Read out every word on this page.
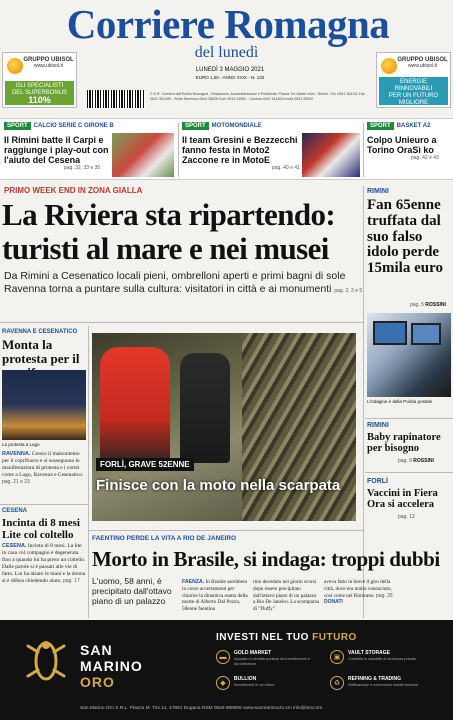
Corriere Romagna
del lunedì
GRUPPO UBISOL
www.ubisol.it
GLI SPECIALISTI
DEL SUPERBONUS
110%
GRUPPO UBISOL
www.ubisol.it
ENERGIE
RINNOVABILI
PER UN FUTURO MIGLIORE
LUNEDÌ 3 MAGGIO 2021
EURO 1,50 - ANNO XXIX - N. 120
C.E.R. Corriere dell'Emilia Romagna - Redazione, Amministrazione e Pubblicità: Piazza Tre Martiri 43/a - Rimini - Tel. 0541 354111 Fax 0541 351499 - Sede Ravenna 0544 35926 Forlì 0543 34550 - Cesena 0547 611400 Imola 0542 28292
SPORT CALCIO SERIE C GIRONE B
Il Rimini batte il Carpi e raggiunge i play-out con l'aiuto del Cesena
pag. 32, 33 e 35
SPORT MOTOMONDIALE
Il team Gresini e Bezzecchi fanno festa in Moto2 Zaccone re in MotoE
pag. 40 e 41
SPORT BASKET A2
Colpo Unieuro a Torino OraSì ko
pag. 42 e 43
PRIMO WEEK END IN ZONA GIALLA
La Riviera sta ripartendo:
turisti al mare e nei musei
Da Rimini a Cesenatico locali pieni, ombrelloni aperti e primi bagni di sole
Ravenna torna a puntare sulla cultura: visitatori in città e ai monumenti pag. 2, 3 e 5
RIMINI
Fan 65enne truffata dal suo falso idolo perde 15mila euro
pag. 5 ROSSINI
L'indagine è della Polizia postale
RIMINI
Baby rapinatore per bisogno
pag. 9 ROSSINI
FORLÌ
Vaccini in Fiera Ora si accelera
pag. 13
RAVENNA E CESENATICO
Monta la protesta per il
La protesta a Lugo
RAVENNA. Cresce il malcontento per il coprifuoco e si susseguono le manifestazioni di protesta e i cortei come a Lugo, Ravenna e Cesenatico. pag. 21 e 23
CESENA
Incinta di 8 mesi Lite col coltello
CESENA. Incinta di 8 mesi. La lite in casa col compagno è degenerata fino a quando lui ha preso un coltello. Dalle parole si è passati alle vie di fatto. Lui ha alzato le mani e la donna si è difesa chiedendo aiuto. pag. 17
FORLÌ, GRAVE 52ENNE
Finisce con la moto nella scarpata
FAENTINO PERDE LA VITA A RIO DE JANEIRO
Morto in Brasile, si indaga: troppi dubbi
L'uomo, 58 anni, è precipitato dall'ottavo piano di un palazzo
FAENZA. In Brasile sarebbero in corso accertamenti per chiarire la dinamica esatta della morte di Alberto Dal Pozzo, 58enne faentino
rino deceduto nei giorni scorsi dopo essere precipitato dall'ottavo piano di un palazzo a Rio De Janeiro. La scomparsa di "Duffy"
aveva fatto in breve il giro della città, dove era molto conosciuto, così come nel Riminese. pag. 26 DONATI
SAN
MARINO
ORO
INVESTI NEL TUO FUTURO
▬
GOLD MARKET
Acquisto e vendita preziosi da investimento e da collezione
▣
VAULT STORAGE
Custodia in cassette di sicurezza private
◆
BULLION
Investimenti in oro fisico	♻
REFINING & TRADING
Raffinazione e commercio metalli preziosi
San Marino Oro S.R.L. Piazza M. Tini 14, 47891 Dogana RSM 0549 908806 www.sanmarinooro.sm info@smo.sm
